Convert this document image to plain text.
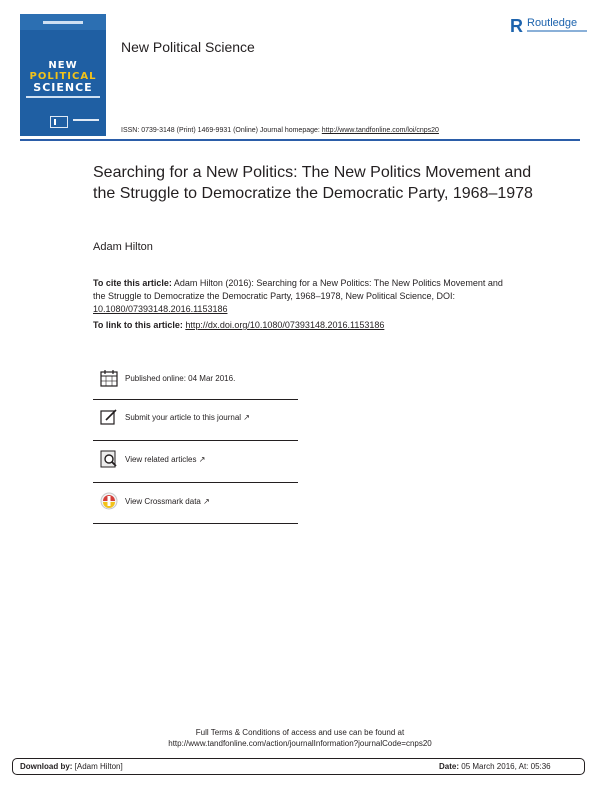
NEW
POLITICAL
SCIENCE
New Political Science
R Routledge
ISSN: 0739-3148 (Print) 1469-9931 (Online) Journal homepage: http://www.tandfonline.com/loi/cnps20
Searching for a New Politics: The New Politics Movement and the Struggle to Democratize the Democratic Party, 1968–1978
Adam Hilton
To cite this article: Adam Hilton (2016): Searching for a New Politics: The New Politics Movement and the Struggle to Democratize the Democratic Party, 1968–1978, New Political Science, DOI: 10.1080/07393148.2016.1153186
To link to this article: http://dx.doi.org/10.1080/07393148.2016.1153186
Published online: 04 Mar 2016.
Submit your article to this journal ↗
View related articles ↗
View Crossmark data ↗
Full Terms & Conditions of access and use can be found at
http://www.tandfonline.com/action/journalInformation?journalCode=cnps20
Download by: [Adam Hilton]	Date: 05 March 2016, At: 05:36
